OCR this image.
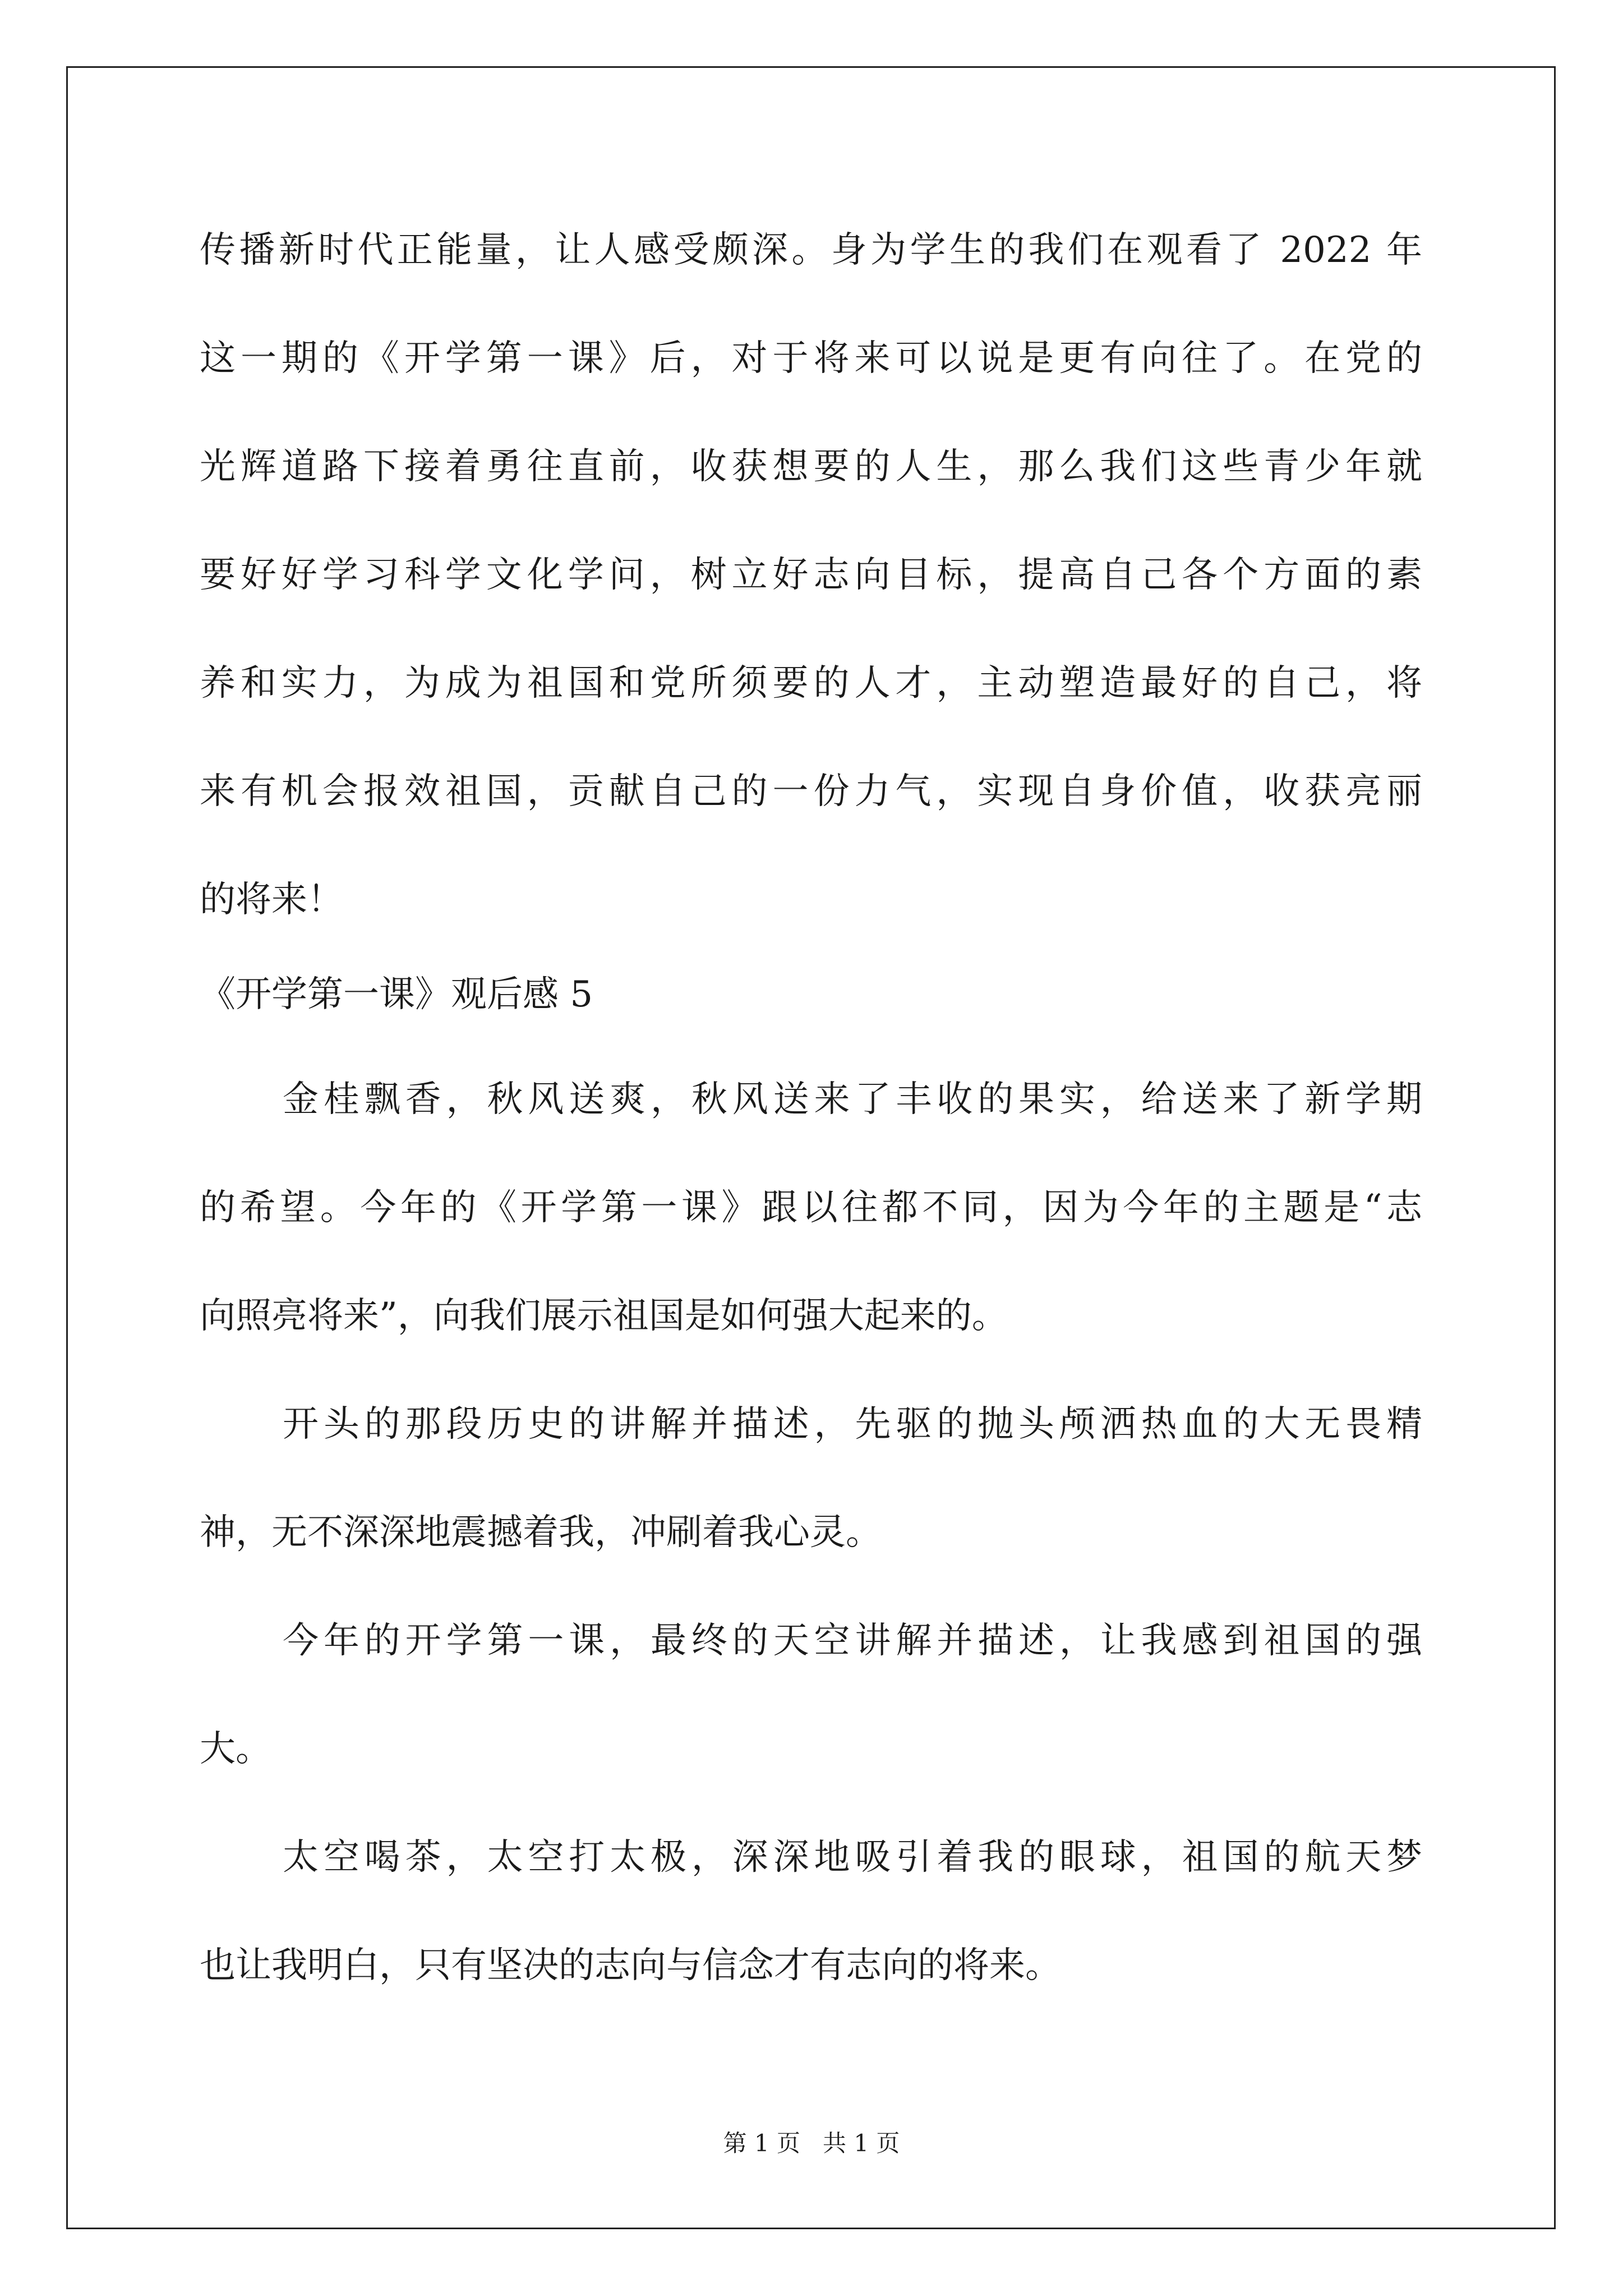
传播新时代正能量，让人感受颇深。身为学生的我们在观看了 2022 年
这一期的《开学第一课》后，对于将来可以说是更有向往了。在党的
光辉道路下接着勇往直前，收获想要的人生，那么我们这些青少年就
要好好学习科学文化学问，树立好志向目标，提高自己各个方面的素
养和实力，为成为祖国和党所须要的人才，主动塑造最好的自己，将
来有机会报效祖国，贡献自己的一份力气，实现自身价值，收获亮丽
的将来！
《开学第一课》观后感 5
金桂飘香，秋风送爽，秋风送来了丰收的果实，给送来了新学期
的希望。今年的《开学第一课》跟以往都不同，因为今年的主题是“志
向照亮将来”，向我们展示祖国是如何强大起来的。
开头的那段历史的讲解并描述，先驱的抛头颅洒热血的大无畏精
神，无不深深地震撼着我，冲刷着我心灵。
今年的开学第一课，最终的天空讲解并描述，让我感到祖国的强
大。
太空喝茶，太空打太极，深深地吸引着我的眼球，祖国的航天梦
也让我明白，只有坚决的志向与信念才有志向的将来。
第 1 页 共 1 页
